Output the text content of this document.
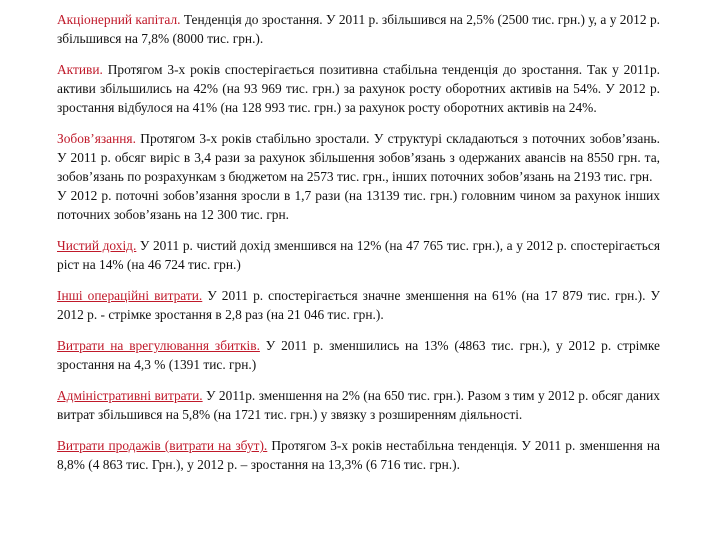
Акціонерний капітал. Тенденція до зростання. У 2011 р. збільшився на 2,5% (2500 тис. грн.) у, а у 2012 р. збільшився на 7,8% (8000 тис. грн.).

Активи. Протягом 3-х років спостерігається позитивна стабільна тенденція до зростання. Так у 2011р. активи збільшились на 42% (на 93 969 тис. грн.) за рахунок росту оборотних активів на 54%. У 2012 р. зростання відбулося на 41% (на 128 993 тис. грн.) за рахунок росту оборотних активів на 24%.

Зобов’язання. Протягом 3-х років стабільно зростали. У структурі складаються з поточних зобов’язань. У 2011 р. обсяг виріс в 3,4 рази за рахунок збільшення зобов’язань з одержаних авансів на 8550 грн. та, зобов’язань по розрахункам з бюджетом на 2573 тис. грн., інших поточних зобов’язань на 2193 тис. грн.

У 2012 р. поточні зобов’язання зросли в 1,7 рази (на 13139 тис. грн.) головним чином за рахунок інших поточних зобов’язань на 12 300 тис. грн.

Чистий дохід. У 2011 р. чистий дохід зменшився на 12% (на 47 765 тис. грн.), а у 2012 р. спостерігається ріст на 14% (на 46 724 тис. грн.)

Інші операційні витрати. У 2011 р. спостерігається значне зменшення на 61% (на 17 879 тис. грн.). У 2012 р. - стрімке зростання в 2,8 раз (на 21 046 тис. грн.).

Витрати на врегулювання збитків. У 2011 р. зменшились на 13% (4863 тис. грн.), у 2012 р. стрімке зростання на 4,3 % (1391 тис. грн.)

Адміністративні витрати. У 2011р. зменшення на 2% (на 650 тис. грн.). Разом з тим у 2012 р. обсяг даних витрат збільшився на 5,8% (на 1721 тис. грн.) у звязку з розширенням діяльності.

Витрати продажів (витрати на збут). Протягом 3-х років нестабільна тенденція. У 2011 р. зменшення на 8,8% (4 863 тис. Грн.), у 2012 р. – зростання на 13,3% (6 716 тис. грн.).
